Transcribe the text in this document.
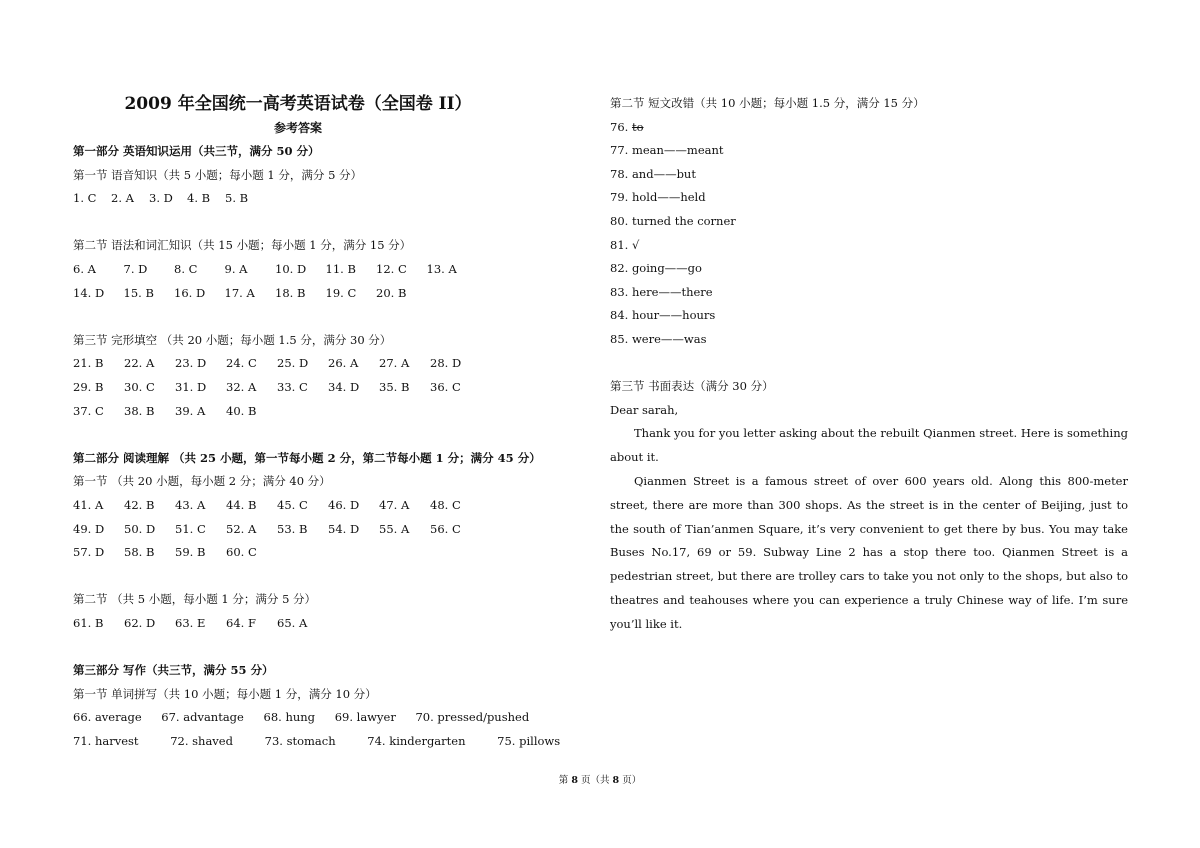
2009 年全国统一高考英语试卷（全国卷 II）
参考答案
第一部分 英语知识运用（共三节，满分 50 分）
第一节 语音知识（共 5 小题；每小题 1 分，满分 5 分）
1. C	2. A	3. D	4. B	5. B
第二节 语法和词汇知识（共 15 小题；每小题 1 分，满分 15 分）
6. A	7. D	8. C	9. A	10. D	11. B	12. C	13. A
14. D	15. B	16. D	17. A	18. B	19. C	20. B
第三节 完形填空 （共 20 小题；每小题 1.5 分，满分 30 分）
21. B	22. A	23. D	24. C	25. D	26. A	27. A	28. D
29. B	30. C	31. D	32. A	33. C	34. D	35. B	36. C
37. C	38. B	39. A	40. B
第二部分 阅读理解 （共 25 小题，第一节每小题 2 分，第二节每小题 1 分；满分 45 分）
第一节 （共 20 小题，每小题 2 分；满分 40 分）
41. A	42. B	43. A	44. B	45. C	46. D	47. A	48. C
49. D	50. D	51. C	52. A	53. B	54. D	55. A	56. C
57. D	58. B	59. B	60. C
第二节 （共 5 小题，每小题 1 分；满分 5 分）
61. B	62. D	63. E	64. F	65. A
第三部分 写作（共三节，满分 55 分）
第一节 单词拼写（共 10 小题；每小题 1 分，满分 10 分）
66. average 67. advantage 68. hung 69. lawyer 70. pressed/pushed
71. harvest	72. shaved	73. stomach	74. kindergarten	75. pillows
第二节 短文改错（共 10 小题；每小题 1.5 分，满分 15 分）
76. to
77. mean——meant
78. and——but
79. hold——held
80. turned the corner
81. √
82. going——go
83. here——there
84. hour——hours
85. were——was
第三节 书面表达（满分 30 分）
Dear sarah,

Thank you for you letter asking about the rebuilt Qianmen street. Here is something about it.

Qianmen Street is a famous street of over 600 years old. Along this 800-meter street, there are more than 300 shops. As the street is in the center of Beijing, just to the south of Tian’anmen Square, it’s very convenient to get there by bus. You may take Buses No.17, 69 or 59. Subway Line 2 has a stop there too. Qianmen Street is a pedestrian street, but there are trolley cars to take you not only to the shops, but also to theatres and teahouses where you can experience a truly Chinese way of life. I’m sure you’ll like it.

第 8 页（共 8 页）
